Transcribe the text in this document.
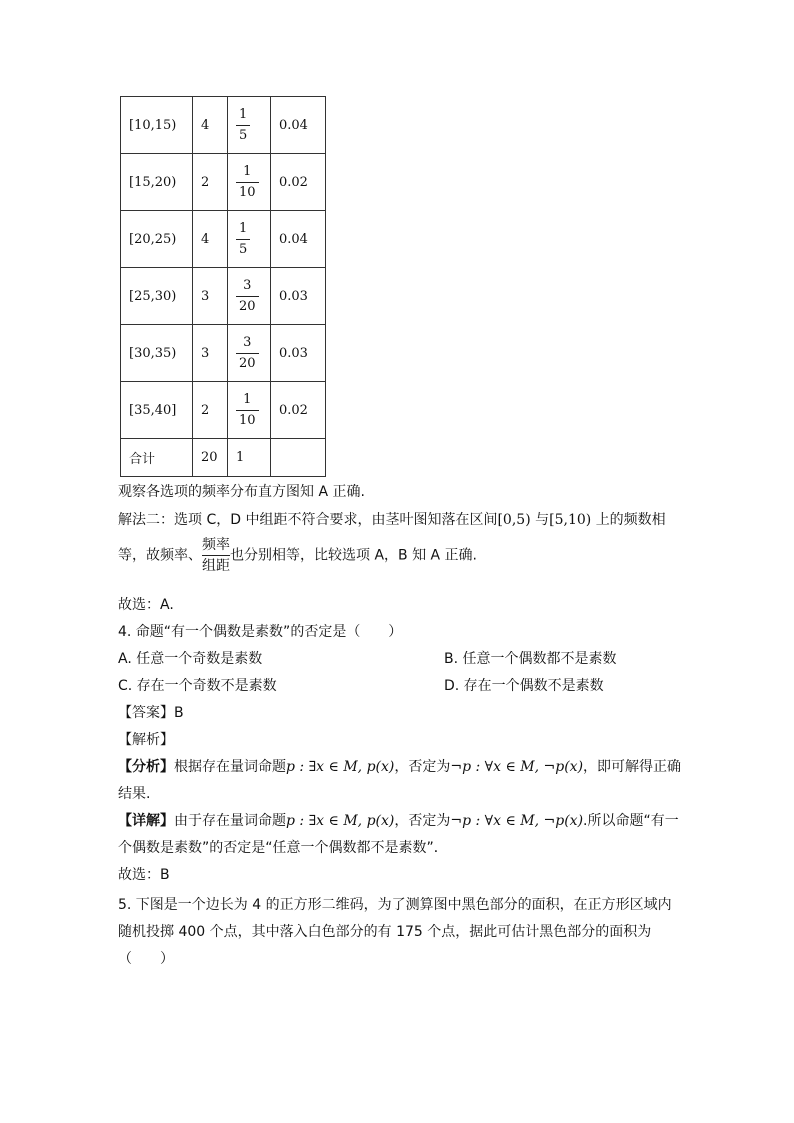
[10,15)	4	$\frac{1}{5}$	0.04
[15,20)	2	$\frac{1}{10}$	0.02
[20,25)	4	$\frac{1}{5}$	0.04
[25,30)	3	$\frac{3}{20}$	0.03
[30,35)	3	$\frac{3}{20}$	0.03
[35,40]	2	$\frac{1}{10}$	0.02
合计	20	1	
观察各选项的频率分布直方图知 A 正确.
解法二：选项 C，D 中组距不符合要求，由茎叶图知落在区间[0,5) 与[5,10) 上的频数相
等，故频率、
频率
组距
也分别相等，比较选项 A，B 知 A 正确.
故选：A.
4. 命题“有一个偶数是素数”的否定是（　　）
A. 任意一个奇数是素数	B. 任意一个偶数都不是素数
C. 存在一个奇数不是素数	D. 存在一个偶数不是素数
【答案】B
【解析】
【分析】根据存在量词命题p : ∃x ∈ M, p(x)，否定为¬p : ∀x ∈ M, ¬p(x)，即可解得正确
结果.
【详解】由于存在量词命题p : ∃x ∈ M, p(x)，否定为¬p : ∀x ∈ M, ¬p(x).所以命题“有一
个偶数是素数”的否定是“任意一个偶数都不是素数”．
故选：B
5. 下图是一个边长为 4 的正方形二维码，为了测算图中黑色部分的面积，在正方形区域内
随机投掷 400 个点，其中落入白色部分的有 175 个点，据此可估计黑色部分的面积为
（　　）
